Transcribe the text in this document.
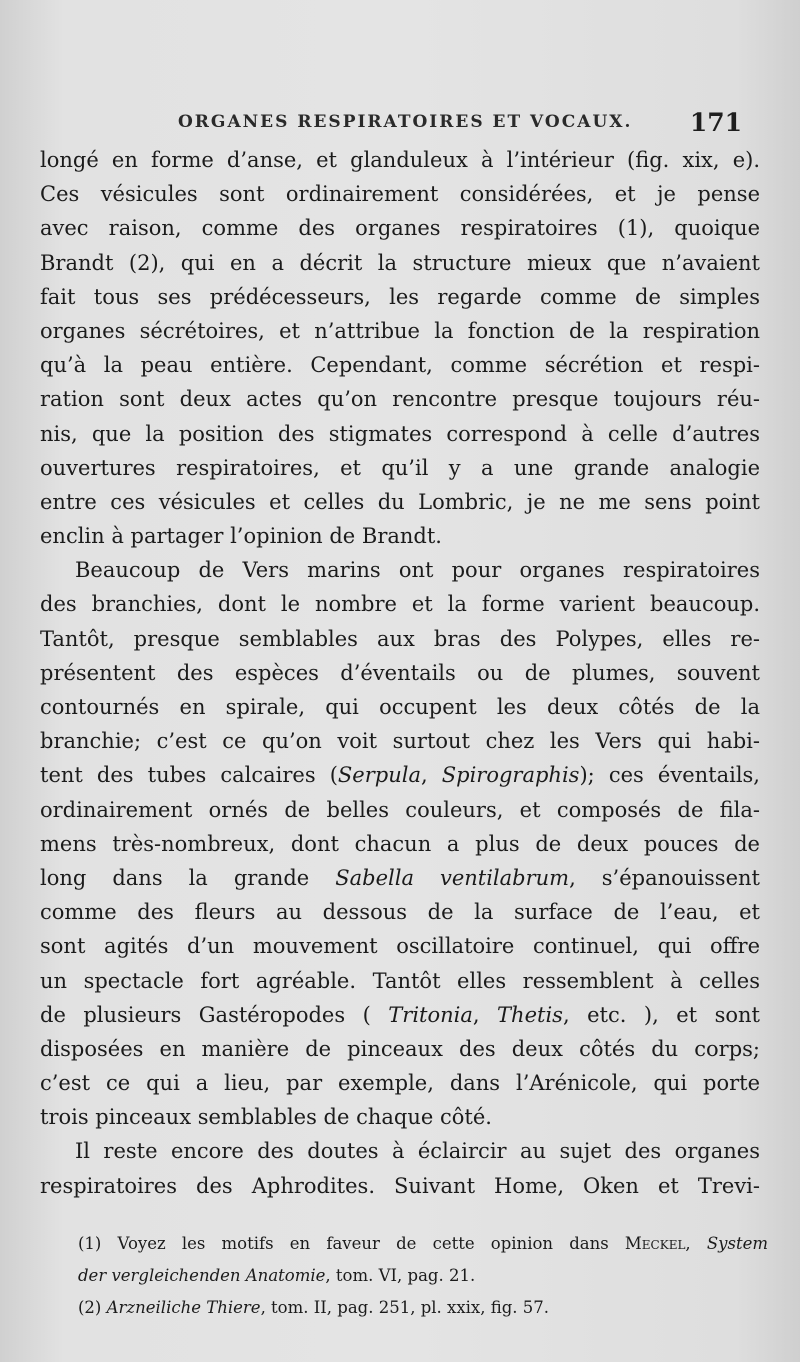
ORGANES RESPIRATOIRES ET VOCAUX. 171
longé en forme d’anse, et glanduleux à l’intérieur (fig. xix, e).
Ces vésicules sont ordinairement considérées, et je pense
avec raison, comme des organes respiratoires (1), quoique
Brandt (2), qui en a décrit la structure mieux que n’avaient
fait tous ses prédécesseurs, les regarde comme de simples
organes sécrétoires, et n’attribue la fonction de la respiration
qu’à la peau entière. Cependant, comme sécrétion et respi-
ration sont deux actes qu’on rencontre presque toujours réu-
nis, que la position des stigmates correspond à celle d’autres
ouvertures respiratoires, et qu’il y a une grande analogie
entre ces vésicules et celles du Lombric, je ne me sens point
enclin à partager l’opinion de Brandt.
Beaucoup de Vers marins ont pour organes respiratoires
des branchies, dont le nombre et la forme varient beaucoup.
Tantôt, presque semblables aux bras des Polypes, elles re-
présentent des espèces d’éventails ou de plumes, souvent
contournés en spirale, qui occupent les deux côtés de la
branchie; c’est ce qu’on voit surtout chez les Vers qui habi-
tent des tubes calcaires (Serpula, Spirographis); ces éventails,
ordinairement ornés de belles couleurs, et composés de fila-
mens très-nombreux, dont chacun a plus de deux pouces de
long dans la grande Sabella ventilabrum, s’épanouissent
comme des fleurs au dessous de la surface de l’eau, et
sont agités d’un mouvement oscillatoire continuel, qui offre
un spectacle fort agréable. Tantôt elles ressemblent à celles
de plusieurs Gastéropodes ( Tritonia, Thetis, etc. ), et sont
disposées en manière de pinceaux des deux côtés du corps;
c’est ce qui a lieu, par exemple, dans l’Arénicole, qui porte
trois pinceaux semblables de chaque côté.
Il reste encore des doutes à éclaircir au sujet des organes
respiratoires des Aphrodites. Suivant Home, Oken et Trevi-
(1) Voyez les motifs en faveur de cette opinion dans Meckel, System
der vergleichenden Anatomie, tom. VI, pag. 21.
(2) Arzneiliche Thiere, tom. II, pag. 251, pl. xxix, fig. 57.
